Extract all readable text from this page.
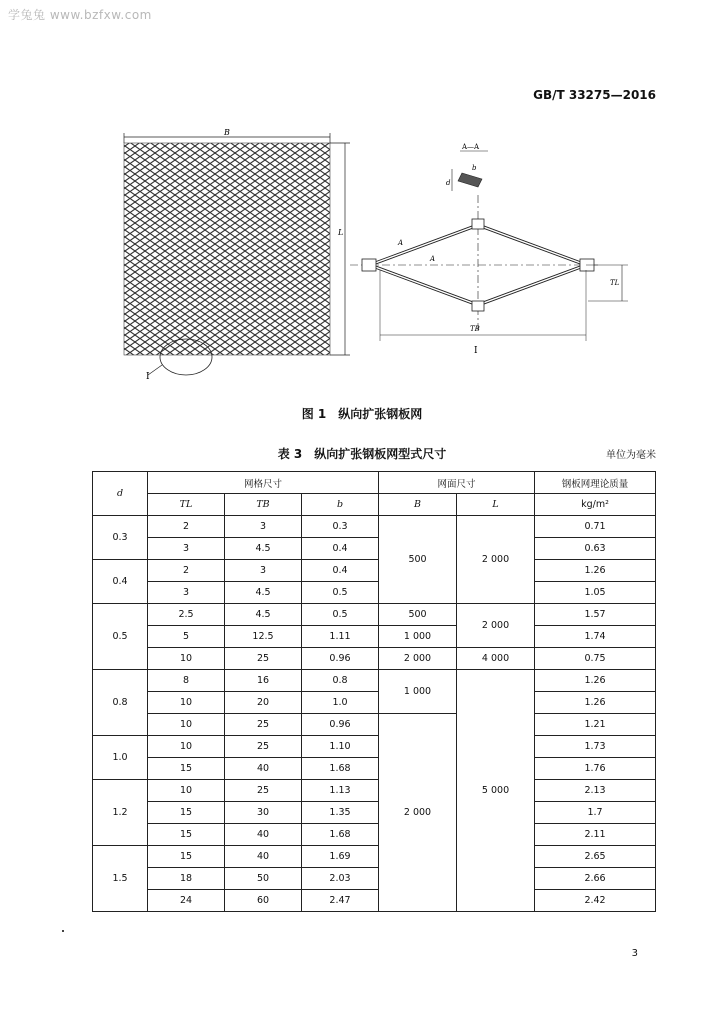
学兔兔 www.bzfxw.com
GB/T 33275—2016
B
L
I
A—A
d
b
A
A
TL
TB
I
图 1　纵向扩张钢板网
表 3　纵向扩张钢板网型式尺寸	单位为毫米
d	网格尺寸			网面尺寸		钢板网理论质量
	TL	TB	b	B	L	kg/m²
0.3	2	3	0.3	500	2 000	0.71
	3	4.5	0.4			0.63
0.4	2	3	0.4			1.26
	3	4.5	0.5			1.05
0.5	2.5	4.5	0.5	500	2 000	1.57
	5	12.5	1.11	1 000		1.74
	10	25	0.96	2 000	4 000	0.75
0.8	8	16	0.8	1 000	5 000	1.26
	10	20	1.0			1.26
	10	25	0.96	2 000		1.21
1.0	10	25	1.10			1.73
	15	40	1.68			1.76
1.2	10	25	1.13			2.13
	15	30	1.35			1.7
	15	40	1.68			2.11
1.5	15	40	1.69			2.65
	18	50	2.03			2.66
	24	60	2.47			2.42
3
